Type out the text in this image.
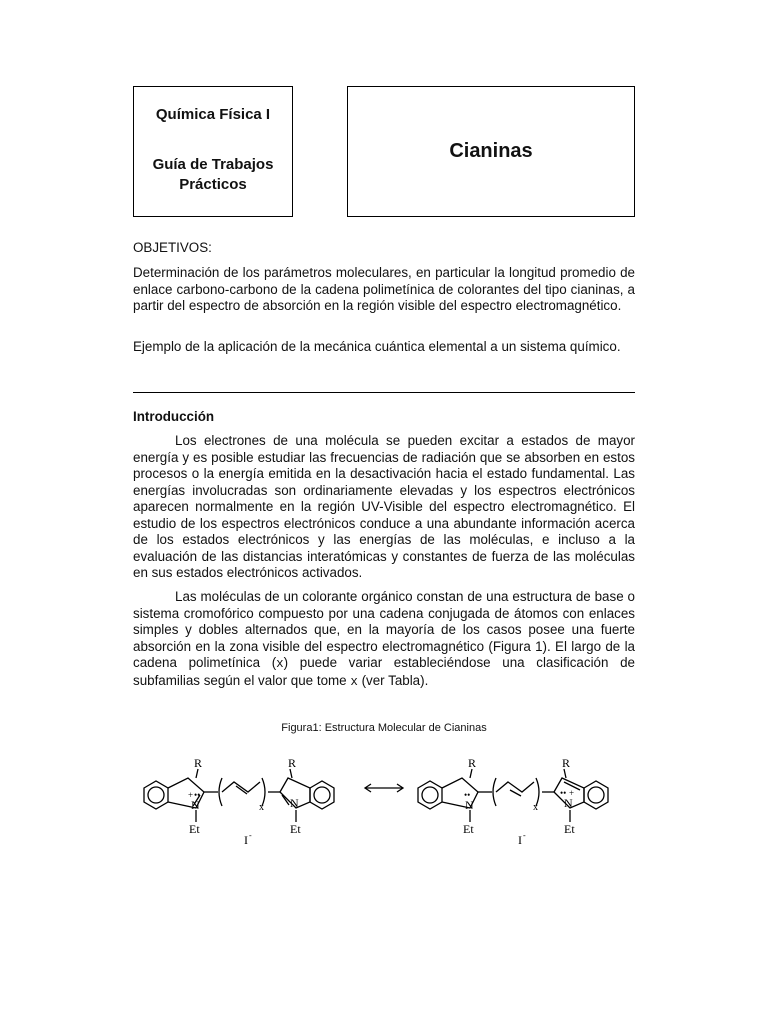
Química Física I
Guía de Trabajos Prácticos
Cianinas
OBJETIVOS:
Determinación de los parámetros moleculares, en particular la longitud promedio de enlace carbono-carbono de la cadena polimetínica de colorantes del tipo cianinas, a partir del espectro de absorción en la región visible del espectro electromagnético.
Ejemplo de la aplicación de la mecánica cuántica elemental a un sistema químico.
Introducción
Los electrones de una molécula se pueden excitar a estados de mayor energía y es posible estudiar las frecuencias de radiación que se absorben en estos procesos o la energía emitida en la desactivación hacia el estado fundamental. Las energías involucradas son ordinariamente elevadas y los espectros electrónicos aparecen normalmente en la región UV-Visible del espectro electromagnético. El estudio de los espectros electrónicos conduce a una abundante información acerca de los estados electrónicos y las energías de las moléculas, e incluso a la evaluación de las distancias interatómicas y constantes de fuerza de las moléculas en sus estados electrónicos activados.
Las moléculas de un colorante orgánico constan de una estructura de base o sistema cromofórico compuesto por una cadena conjugada de átomos con enlaces simples y dobles alternados que, en la mayoría de los casos posee una fuerte absorción en la zona visible del espectro electromagnético (Figura 1). El largo de la cadena polimetínica (x) puede variar estableciéndose una clasificación de subfamilias según el valor que tome x (ver Tabla).
Figura1: Estructura Molecular de Cianinas
R
N
+ ••
Et
x
R
N
Et
I -
R
N
••
Et
x
R
N
•• +
Et
I -
